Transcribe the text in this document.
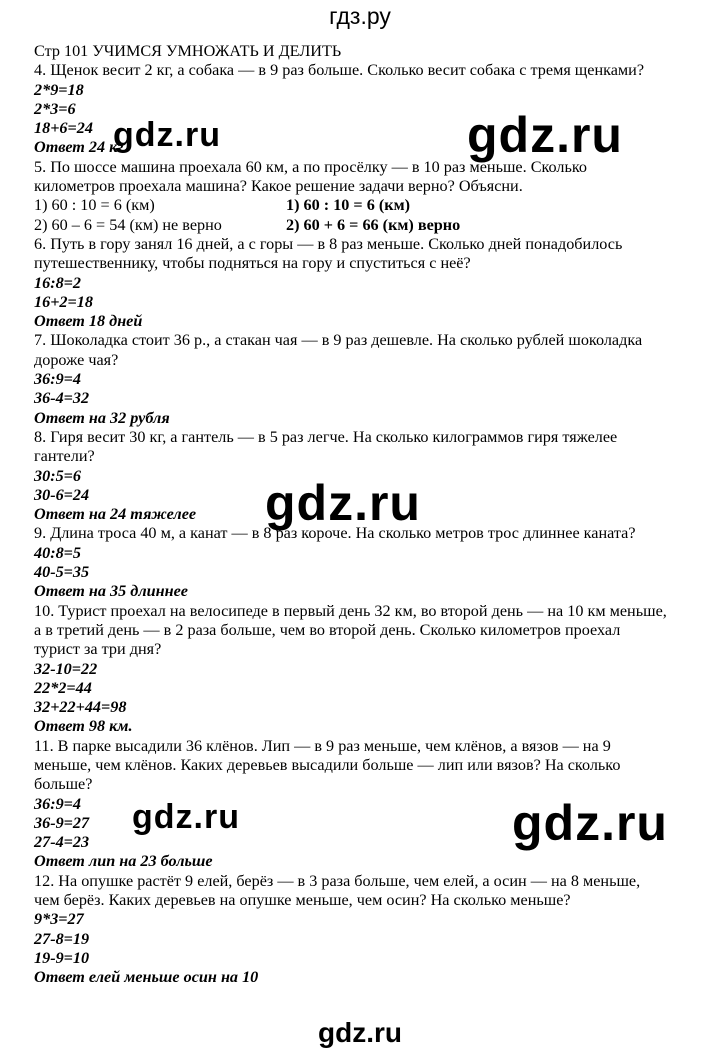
гдз.ру
Стр 101 УЧИМСЯ УМНОЖАТЬ И ДЕЛИТЬ
4. Щенок весит 2 кг, а собака — в 9 раз больше. Сколько весит собака с тремя щенками?
2*9=18
2*3=6
18+6=24
Ответ 24 кг
5. По шоссе машина проехала 60 км, а по просёлку — в 10 раз меньше. Сколько
километров проехала машина? Какое решение задачи верно? Объясни.
1) 60 : 10 = 6 (км)	1) 60 : 10 = 6 (км)
2) 60 – 6 = 54 (км) не верно	2) 60 + 6 = 66 (км) верно
6. Путь в гору занял 16 дней, а с горы — в 8 раз меньше. Сколько дней понадобилось
путешественнику, чтобы подняться на гору и спуститься с неё?
16:8=2
16+2=18
Ответ 18 дней
7. Шоколадка стоит 36 р., а стакан чая — в 9 раз дешевле. На сколько рублей шоколадка
дороже чая?
36:9=4
36-4=32
Ответ на 32 рубля
8. Гиря весит 30 кг, а гантель — в 5 раз легче. На сколько килограммов гиря тяжелее
гантели?
30:5=6
30-6=24
Ответ на 24 тяжелее
9. Длина троса 40 м, а канат — в 8 раз короче. На сколько метров трос длиннее каната?
40:8=5
40-5=35
Ответ на 35 длиннее
10. Турист проехал на велосипеде в первый день 32 км, во второй день — на 10 км меньше,
а в третий день — в 2 раза больше, чем во второй день. Сколько километров проехал
турист за три дня?
32-10=22
22*2=44
32+22+44=98
Ответ 98 км.
11. В парке высадили 36 клёнов. Лип — в 9 раз меньше, чем клёнов, а вязов — на 9
меньше, чем клёнов. Каких деревьев высадили больше — лип или вязов? На сколько
больше?
36:9=4
36-9=27
27-4=23
Ответ лип на 23 больше
12. На опушке растёт 9 елей, берёз — в 3 раза больше, чем елей, а осин — на 8 меньше,
чем берёз. Каких деревьев на опушке меньше, чем осин? На сколько меньше?
9*3=27
27-8=19
19-9=10
Ответ елей меньше осин на 10
gdz.ru	gdz.ru
gdz.ru
gdz.ru	gdz.ru
gdz.ru
